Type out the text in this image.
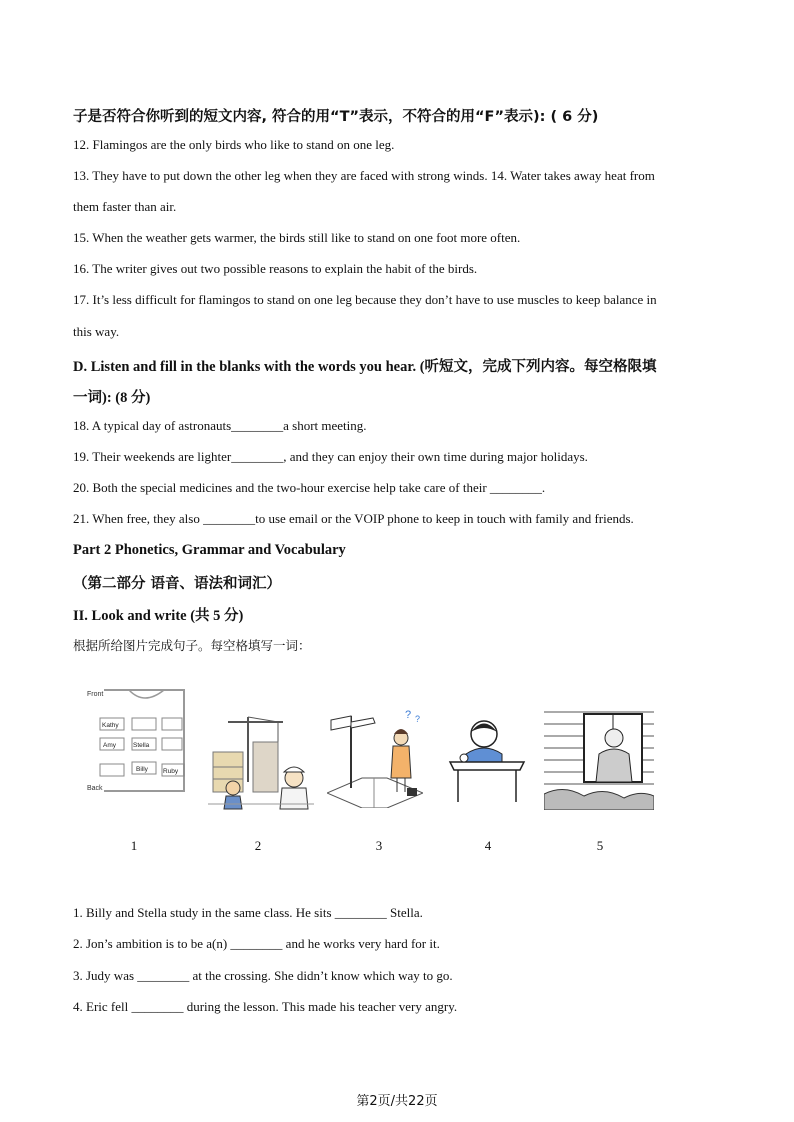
子是否符合你听到的短文内容, 符合的用“T”表示，不符合的用“F”表示): ( 6 分)
12. Flamingos are the only birds who like to stand on one leg.
13. They have to put down the other leg when they are faced with strong winds. 14. Water takes away heat from
them faster than air.
15. When the weather gets warmer, the birds still like to stand on one foot more often.
16. The writer gives out two possible reasons to explain the habit of the birds.
17. It’s less difficult for flamingos to stand on one leg because they don’t have to use muscles to keep balance in
this way.
D. Listen and fill in the blanks with the words you hear. (听短文，完成下列内容。每空格限填
一词): (8 分)
18. A typical day of astronauts________a short meeting.
19. Their weekends are lighter________, and they can enjoy their own time during major holidays.
20. Both the special medicines and the two-hour exercise help take care of their ________.
21. When free, they also ________to use email or the VOIP phone to keep in touch with family and friends.
Part 2 Phonetics, Grammar and Vocabulary
（第二部分 语音、语法和词汇）
II. Look and write (共 5 分)
根据所给图片完成句子。每空格填写一词：
Front
Kathy
Amy	Stella
Billy Ruby
Back
? ?
1	2	3	4	5
1. Billy and Stella study in the same class. He sits ________ Stella.
2. Jon’s ambition is to be a(n) ________ and he works very hard for it.
3. Judy was ________ at the crossing. She didn’t know which way to go.
4. Eric fell ________ during the lesson. This made his teacher very angry.
第2页/共22页
